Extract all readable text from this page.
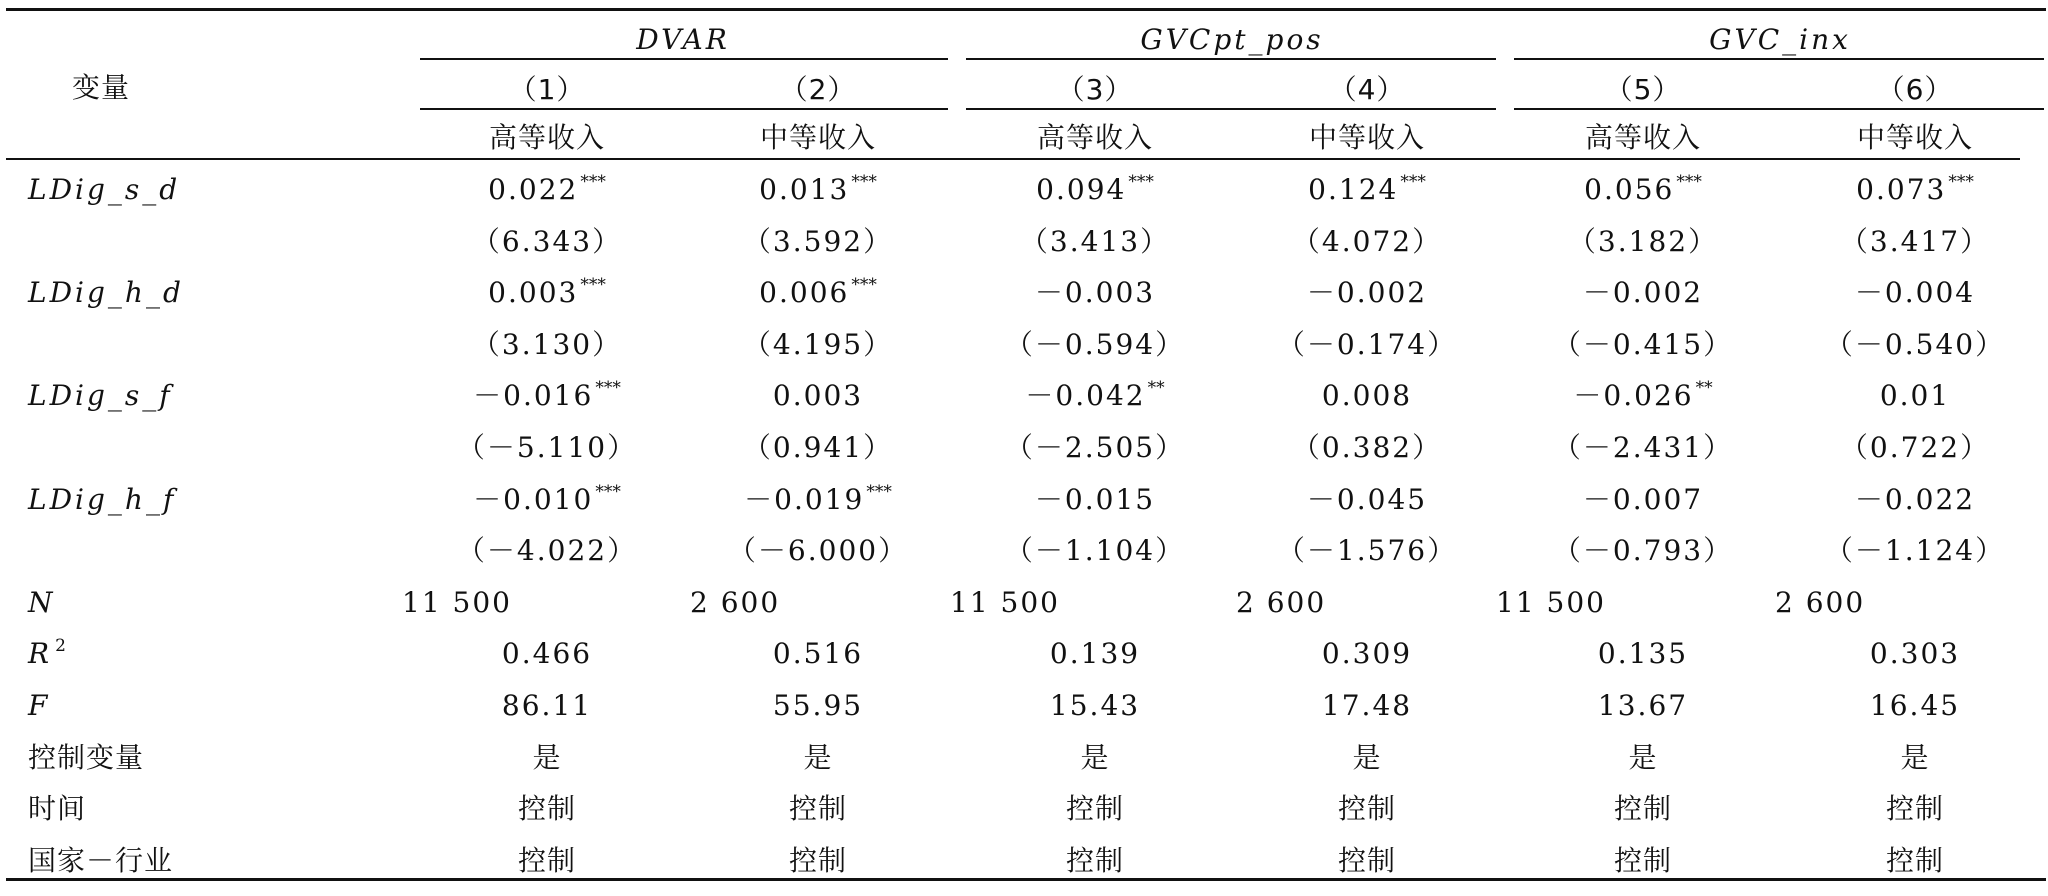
变量
DVAR	GVCpt_pos	GVC_inx
（1）	（2）	（3）	（4）	（5）	（6）
高等收入	中等收入	高等收入	中等收入	高等收入	中等收入
LDig_s_d	0.022 ***	0.013 ***	0.094 ***	0.124 ***	0.056 ***	0.073 ***
（6.343）	（3.592）	（3.413）	（4.072）	（3.182）	（3.417）
LDig_h_d	0.003 ***	0.006 ***	－0.003	－0.002	－0.002	－0.004
（3.130）	（4.195）	（－0.594）	（－0.174）	（－0.415）	（－0.540）
LDig_s_f	－0.016 ***	0.003	－0.042 **	0.008	－0.026 **	0.01
（－5.110）	（0.941）	（－2.505）	（0.382）	（－2.431）	（0.722）
LDig_h_f	－0.010 ***	－0.019 ***	－0.015	－0.045	－0.007	－0.022
（－4.022）	（－6.000）	（－1.104）	（－1.576）	（－0.793）	（－1.124）
N	11 500	2 600	11 500	2 600	11 500	2 600
R $^2$	0.466	0.516	0.139	0.309	0.135	0.303
F	86.11	55.95	15.43	17.48	13.67	16.45
控制变量	是	是	是	是	是	是
时间	控制	控制	控制	控制	控制	控制
国家－行业	控制	控制	控制	控制	控制	控制
